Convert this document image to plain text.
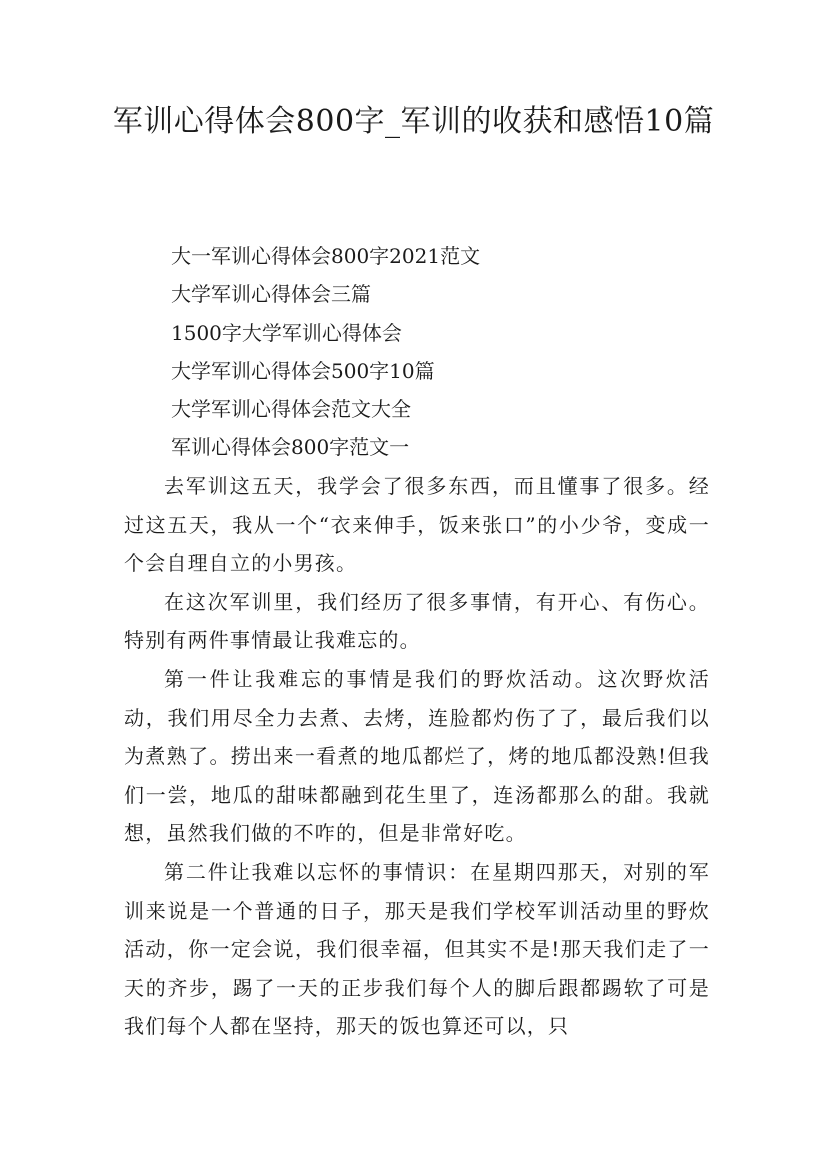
军训心得体会800字_军训的收获和感悟10篇
大一军训心得体会800字2021范文
大学军训心得体会三篇
1500字大学军训心得体会
大学军训心得体会500字10篇
大学军训心得体会范文大全
军训心得体会800字范文一

去军训这五天，我学会了很多东西，而且懂事了很多。经过这五天，我从一个“衣来伸手，饭来张口”的小少爷，变成一个会自理自立的小男孩。

在这次军训里，我们经历了很多事情，有开心、有伤心。特别有两件事情最让我难忘的。

第一件让我难忘的事情是我们的野炊活动。这次野炊活动，我们用尽全力去煮、去烤，连脸都灼伤了了，最后我们以为煮熟了。捞出来一看煮的地瓜都烂了，烤的地瓜都没熟!但我们一尝，地瓜的甜味都融到花生里了，连汤都那么的甜。我就想，虽然我们做的不咋的，但是非常好吃。

第二件让我难以忘怀的事情识：在星期四那天，对别的军训来说是一个普通的日子，那天是我们学校军训活动里的野炊活动，你一定会说，我们很幸福，但其实不是!那天我们走了一天的齐步，踢了一天的正步我们每个人的脚后跟都踢软了可是我们每个人都在坚持，那天的饭也算还可以，只
